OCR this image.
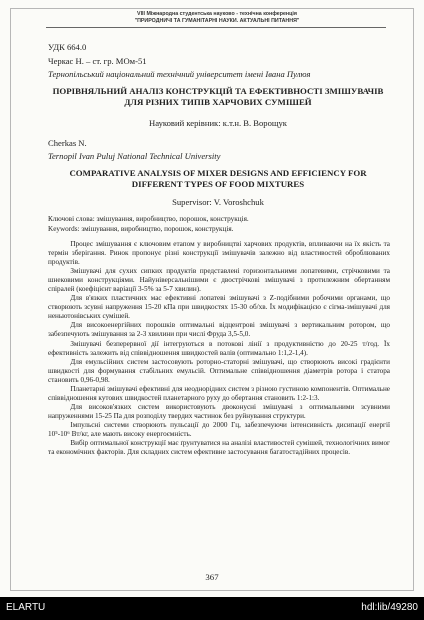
VIII Міжнародна студентська науково - технічна конференція
"ПРИРОДНИЧІ ТА ГУМАНІТАРНІ НАУКИ. АКТУАЛЬНІ ПИТАННЯ"
УДК 664.0
Черкас Н. – ст. гр. МОм-51
Тернопільський національний технічний університет імені Івана Пулюя
ПОРІВНЯЛЬНИЙ АНАЛІЗ КОНСТРУКЦІЙ ТА ЕФЕКТИВНОСТІ ЗМІШУВАЧІВ ДЛЯ РІЗНИХ ТИПІВ ХАРЧОВИХ СУМІШЕЙ
Науковий керівник: к.т.н. В. Ворощук
Cherkas N.
Ternopil Ivan Puluj National Technical University
COMPARATIVE ANALYSIS OF MIXER DESIGNS AND EFFICIENCY FOR DIFFERENT TYPES OF FOOD MIXTURES
Supervisor: V. Voroshchuk
Ключові слова: змішування, виробництво, порошок, конструкція.
Keywords: змішування, виробництво, порошок, конструкція.

Процес змішування є ключовим етапом у виробництві харчових продуктів, впливаючи на їх якість та термін зберігання. Ринок пропонує різні конструкції змішувачів залежно від властивостей оброблюваних продуктів.

Змішувачі для сухих сипких продуктів представлені горизонтальними лопатевими, стрічковими та шнековими конструкціями. Найуніверсальнішими є двострічкові змішувачі з протилежним обертанням спіралей (коефіцієнт варіації 3-5% за 5-7 хвилин).

Для в'язких пластичних мас ефективні лопатеві змішувачі з Z-подібними робочими органами, що створюють зсувні напруження 15-20 кПа при швидкостях 15-30 об/хв. Їх модифікацією є сігма-змішувачі для неньютонівських сумішей.

Для високоенергійних порошків оптимальні відцентрові змішувачі з вертикальним ротором, що забезпечують змішування за 2-3 хвилини при числі Фруда 3,5-5,0.

Змішувачі безперервної дії інтегруються в потокові лінії з продуктивністю до 20-25 т/год. Їх ефективність залежить від співвідношення швидкостей валів (оптимально 1:1,2-1,4).

Для емульсійних систем застосовують роторно-статорні змішувачі, що створюють високі градієнти швидкості для формування стабільних емульсій. Оптимальне співвідношення діаметрів ротора і статора становить 0,96-0,98.

Планетарні змішувачі ефективні для неоднорідних систем з різною густиною компонентів. Оптимальне співвідношення кутових швидкостей планетарного руху до обертання становить 1:2-1:3.

Для високов'язких систем використовують двоконусні змішувачі з оптимальними зсувними напруженнями 15-25 Па для розподілу твердих частинок без руйнування структури.

Імпульсні системи створюють пульсації до 2000 Гц, забезпечуючи інтенсивність дисипації енергії 10⁵-10⁶ Вт/кг, але мають високу енергоємність.

Вибір оптимальної конструкції має ґрунтуватися на аналізі властивостей сумішей, технологічних вимог та економічних факторів. Для складних систем ефективне застосування багатостадійних процесів.

367
ELARTU	hdl:lib/49280
